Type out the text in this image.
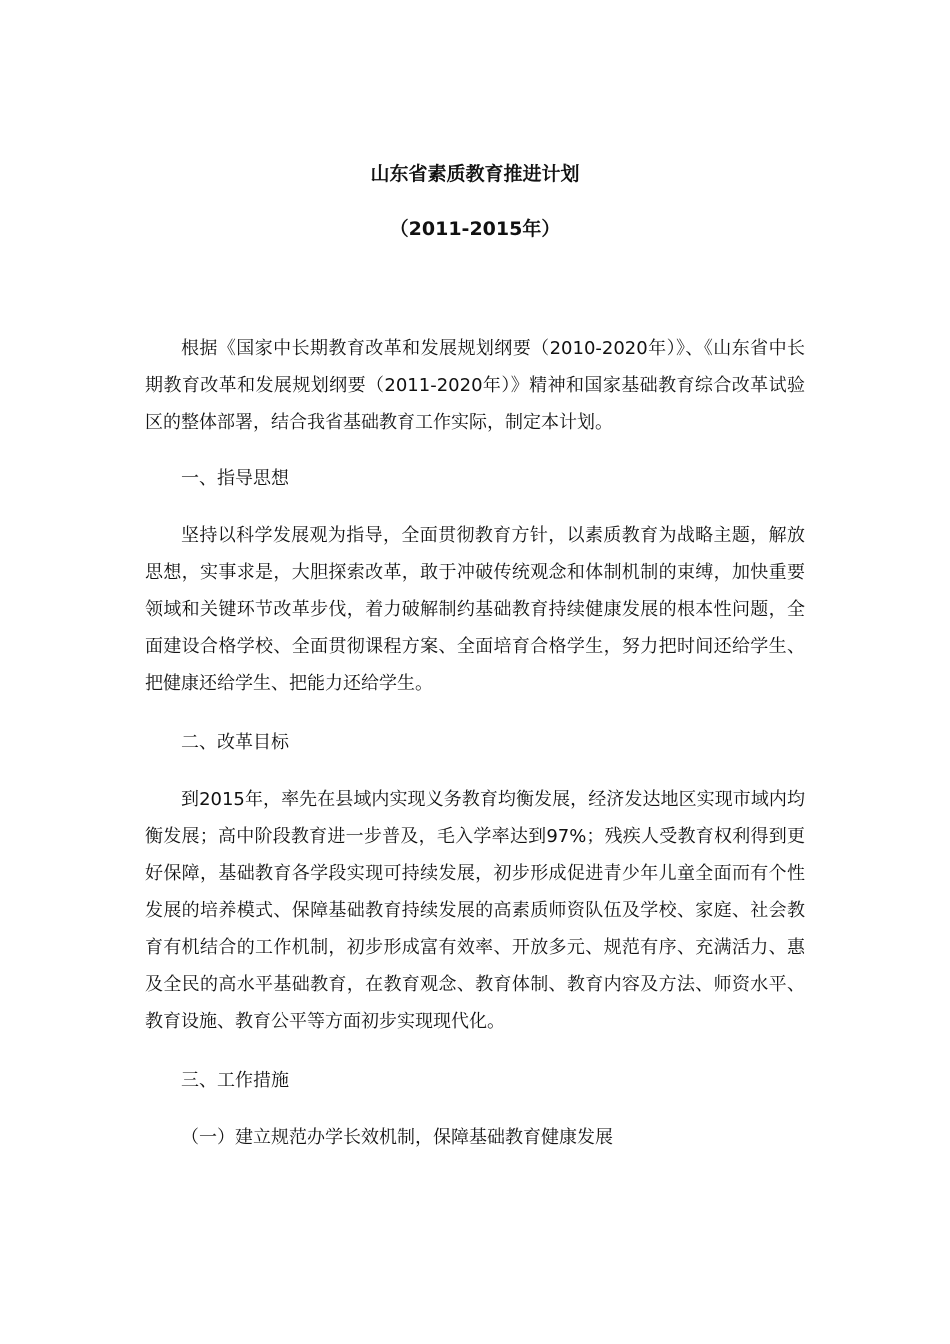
山东省素质教育推进计划
（2011-2015年）

根据《国家中长期教育改革和发展规划纲要（2010-2020年）》、《山东省中长期教育改革和发展规划纲要（2011-2020年）》精神和国家基础教育综合改革试验区的整体部署，结合我省基础教育工作实际，制定本计划。

一、指导思想

坚持以科学发展观为指导，全面贯彻教育方针，以素质教育为战略主题，解放思想，实事求是，大胆探索改革，敢于冲破传统观念和体制机制的束缚，加快重要领域和关键环节改革步伐，着力破解制约基础教育持续健康发展的根本性问题，全面建设合格学校、全面贯彻课程方案、全面培育合格学生，努力把时间还给学生、把健康还给学生、把能力还给学生。

二、改革目标

到2015年，率先在县域内实现义务教育均衡发展，经济发达地区实现市域内均衡发展；高中阶段教育进一步普及，毛入学率达到97%；残疾人受教育权利得到更好保障，基础教育各学段实现可持续发展，初步形成促进青少年儿童全面而有个性发展的培养模式、保障基础教育持续发展的高素质师资队伍及学校、家庭、社会教育有机结合的工作机制，初步形成富有效率、开放多元、规范有序、充满活力、惠及全民的高水平基础教育，在教育观念、教育体制、教育内容及方法、师资水平、教育设施、教育公平等方面初步实现现代化。

三、工作措施

（一）建立规范办学长效机制，保障基础教育健康发展
